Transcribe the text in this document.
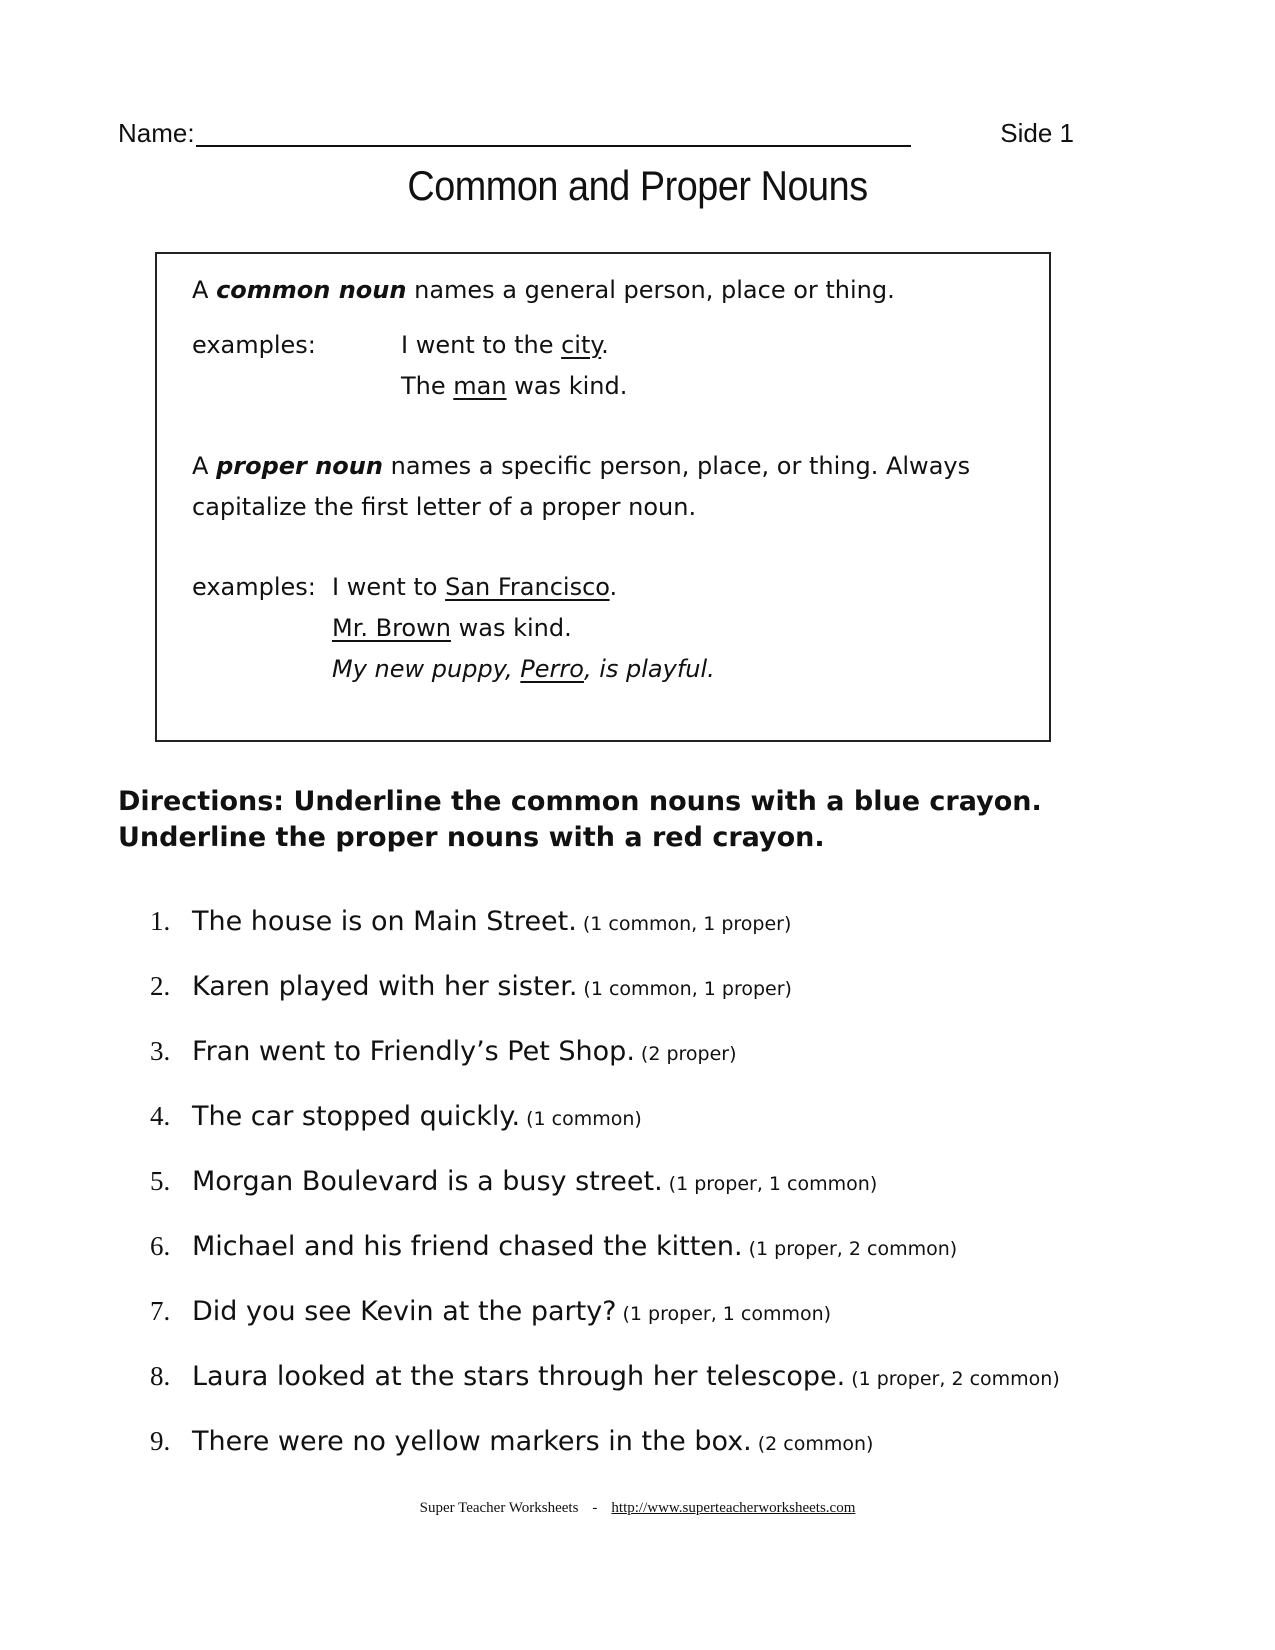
Name:	Side 1
Common and Proper Nouns
A common noun names a general person, place or thing.
examples:	I went to the city.
The man was kind.
A proper noun names a specific person, place, or thing. Always
capitalize the first letter of a proper noun.
examples: I went to San Francisco.
Mr. Brown was kind.
My new puppy, Perro, is playful.
Directions: Underline the common nouns with a blue crayon.
Underline the proper nouns with a red crayon.
1. The house is on Main Street. (1 common, 1 proper)
2. Karen played with her sister. (1 common, 1 proper)
3. Fran went to Friendly’s Pet Shop. (2 proper)
4. The car stopped quickly. (1 common)
5. Morgan Boulevard is a busy street. (1 proper, 1 common)
6. Michael and his friend chased the kitten. (1 proper, 2 common)
7. Did you see Kevin at the party? (1 proper, 1 common)
8. Laura looked at the stars through her telescope. (1 proper, 2 common)
9. There were no yellow markers in the box. (2 common)
Super Teacher Worksheets - http://www.superteacherworksheets.com
